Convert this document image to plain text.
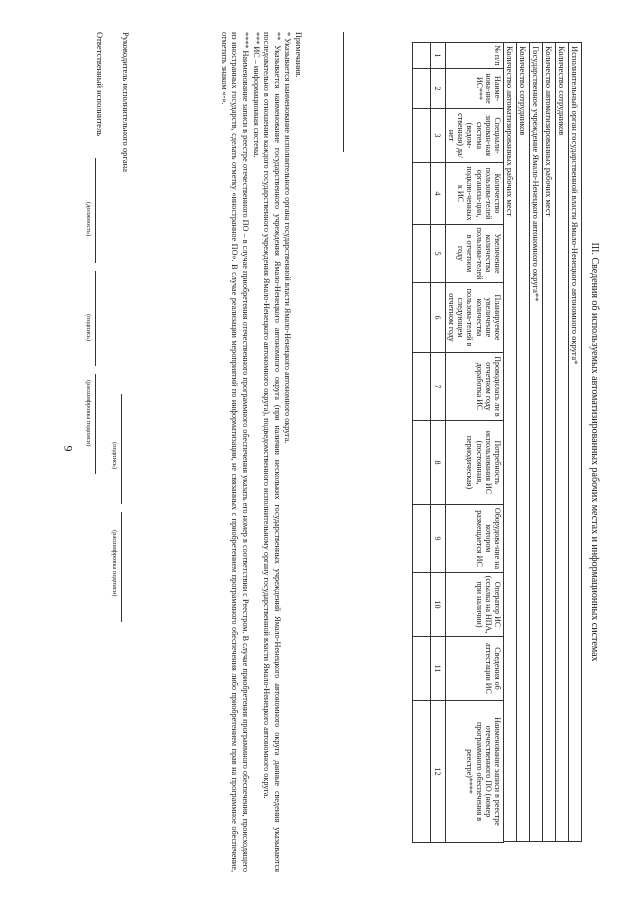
9	III. Сведения об используемых автоматизированных рабочих местах и информационных системах
Исполнительный орган государственной власти Ямало-Ненецкого автономного округа*
Количество сотрудников
Количество автоматизированных рабочих мест
Государственное учреждение Ямало-Ненецкого автономного округа**
Количество сотрудников
Количество автоматизированных рабочих мест
№ п/п	Наиме-нова-ние ИС***	Специали-зирован-ная система (ведом-ственная) да/нет	Количество пользова-телей организа-ции, подклю-ченных к ИС	Увеличение количества пользова-телей в отчетном году	Планируемое увеличение количества пользова-телей в следующем отчетном году	Проводилась ли в отчетном году доработка ИС	Потребность использования ИС (постоянная, периодическая)	Оборудова-ние на котором размещается ИС	Оператор ИС (ссылка на НПА, при наличии)	Сведения об аттестации ИС	Наименование записи в реестре отечественного ПО (номер программного обеспечения в реестре)****
1	2	3	4	5	6	7	8	9	10	11	12

Примечания.

* Указывается наименование исполнительного органа государственной власти Ямало-Ненецкого автономного округа.

** Указывается наименование государственного учреждения Ямало-Ненецкого автономного округа (при наличии нескольких государственных учреждений Ямало-Ненецкого автономного округа данные сведения указываются последовательно в отношении каждого государственного учреждения Ямало-Ненецкого автономного округа), подведомственного исполнительному органу государственной власти Ямало-Ненецкого автономного округа.

*** ИС – информационная система.

**** Наименование записи в реестре отечественного ПО – в случае приобретения отечественного программного обеспечения указать его номер в соответствии с Реестром. В случае приобретения программного обеспечения, происходящего из иностранных государств, сделать отметку «иностранное ПО». В случае реализации мероприятий по информатизации, не связанных с приобретением программного обеспечения либо приобретением прав на программное обеспечение, отметить знаком «-».

Руководитель исполнительного органа
(подпись)
(расшифровка подписи)
Ответственный исполнитель
(должность)
(подпись)
(расшифровка подписи)
